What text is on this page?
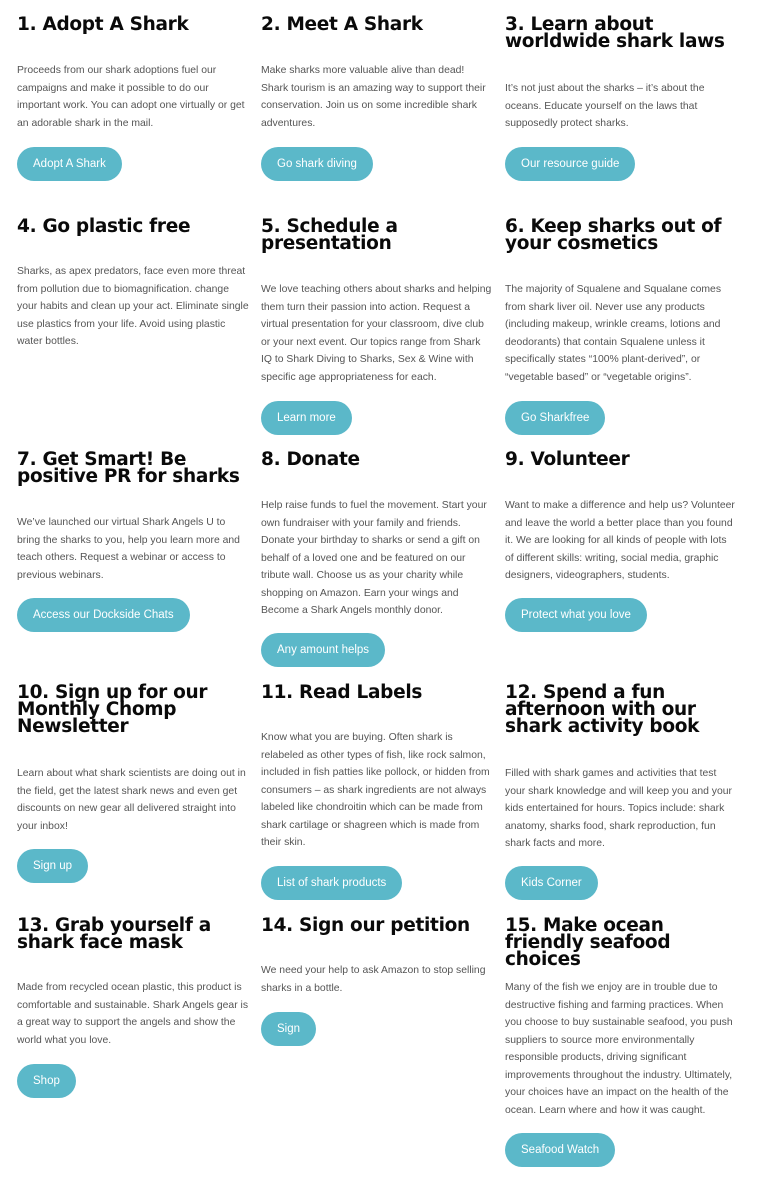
1. Adopt A Shark

Proceeds from our shark adoptions fuel our campaigns and make it possible to do our important work. You can adopt one virtually or get an adorable shark in the mail.

Adopt A Shark
2. Meet A Shark

Make sharks more valuable alive than dead! Shark tourism is an amazing way to support their conservation. Join us on some incredible shark adventures.

Go shark diving
3. Learn about worldwide shark laws

It’s not just about the sharks – it’s about the oceans. Educate yourself on the laws that supposedly protect sharks.

Our resource guide
4. Go plastic free

Sharks, as apex predators, face even more threat from pollution due to biomagnification. change your habits and clean up your act. Eliminate single use plastics from your life. Avoid using plastic water bottles.

5. Schedule a presentation

We love teaching others about sharks and helping them turn their passion into action. Request a virtual presentation for your classroom, dive club or your next event. Our topics range from Shark IQ to Shark Diving to Sharks, Sex & Wine with specific age appropriateness for each.

Learn more
6. Keep sharks out of your cosmetics

The majority of Squalene and Squalane comes from shark liver oil. Never use any products (including makeup, wrinkle creams, lotions and deodorants) that contain Squalene unless it specifically states “100% plant-derived”, or “vegetable based” or “vegetable origins”.

Go Sharkfree
7. Get Smart! Be positive PR for sharks

We’ve launched our virtual Shark Angels U to bring the sharks to you, help you learn more and teach others. Request a webinar or access to previous webinars.

Access our Dockside Chats
8. Donate

Help raise funds to fuel the movement. Start your own fundraiser with your family and friends. Donate your birthday to sharks or send a gift on behalf of a loved one and be featured on our tribute wall. Choose us as your charity while shopping on Amazon. Earn your wings and Become a Shark Angels monthly donor.

Any amount helps
9. Volunteer

Want to make a difference and help us? Volunteer and leave the world a better place than you found it. We are looking for all kinds of people with lots of different skills: writing, social media, graphic designers, videographers, students.

Protect what you love
10. Sign up for our Monthly Chomp Newsletter

Learn about what shark scientists are doing out in the field, get the latest shark news and even get discounts on new gear all delivered straight into your inbox!

Sign up
11. Read Labels

Know what you are buying. Often shark is relabeled as other types of fish, like rock salmon, included in fish patties like pollock, or hidden from consumers – as shark ingredients are not always labeled like chondroitin which can be made from shark cartilage or shagreen which is made from their skin.

List of shark products
12. Spend a fun afternoon with our shark activity book

Filled with shark games and activities that test your shark knowledge and will keep you and your kids entertained for hours. Topics include: shark anatomy, sharks food, shark reproduction, fun shark facts and more.

Kids Corner
13. Grab yourself a shark face mask

Made from recycled ocean plastic, this product is comfortable and sustainable. Shark Angels gear is a great way to support the angels and show the world what you love.

Shop
14. Sign our petition

We need your help to ask Amazon to stop selling sharks in a bottle.

Sign
15. Make ocean friendly seafood choices

Many of the fish we enjoy are in trouble due to destructive fishing and farming practices. When you choose to buy sustainable seafood, you push suppliers to source more environmentally responsible products, driving significant improvements throughout the industry. Ultimately, your choices have an impact on the health of the ocean. Learn where and how it was caught.

Seafood Watch
